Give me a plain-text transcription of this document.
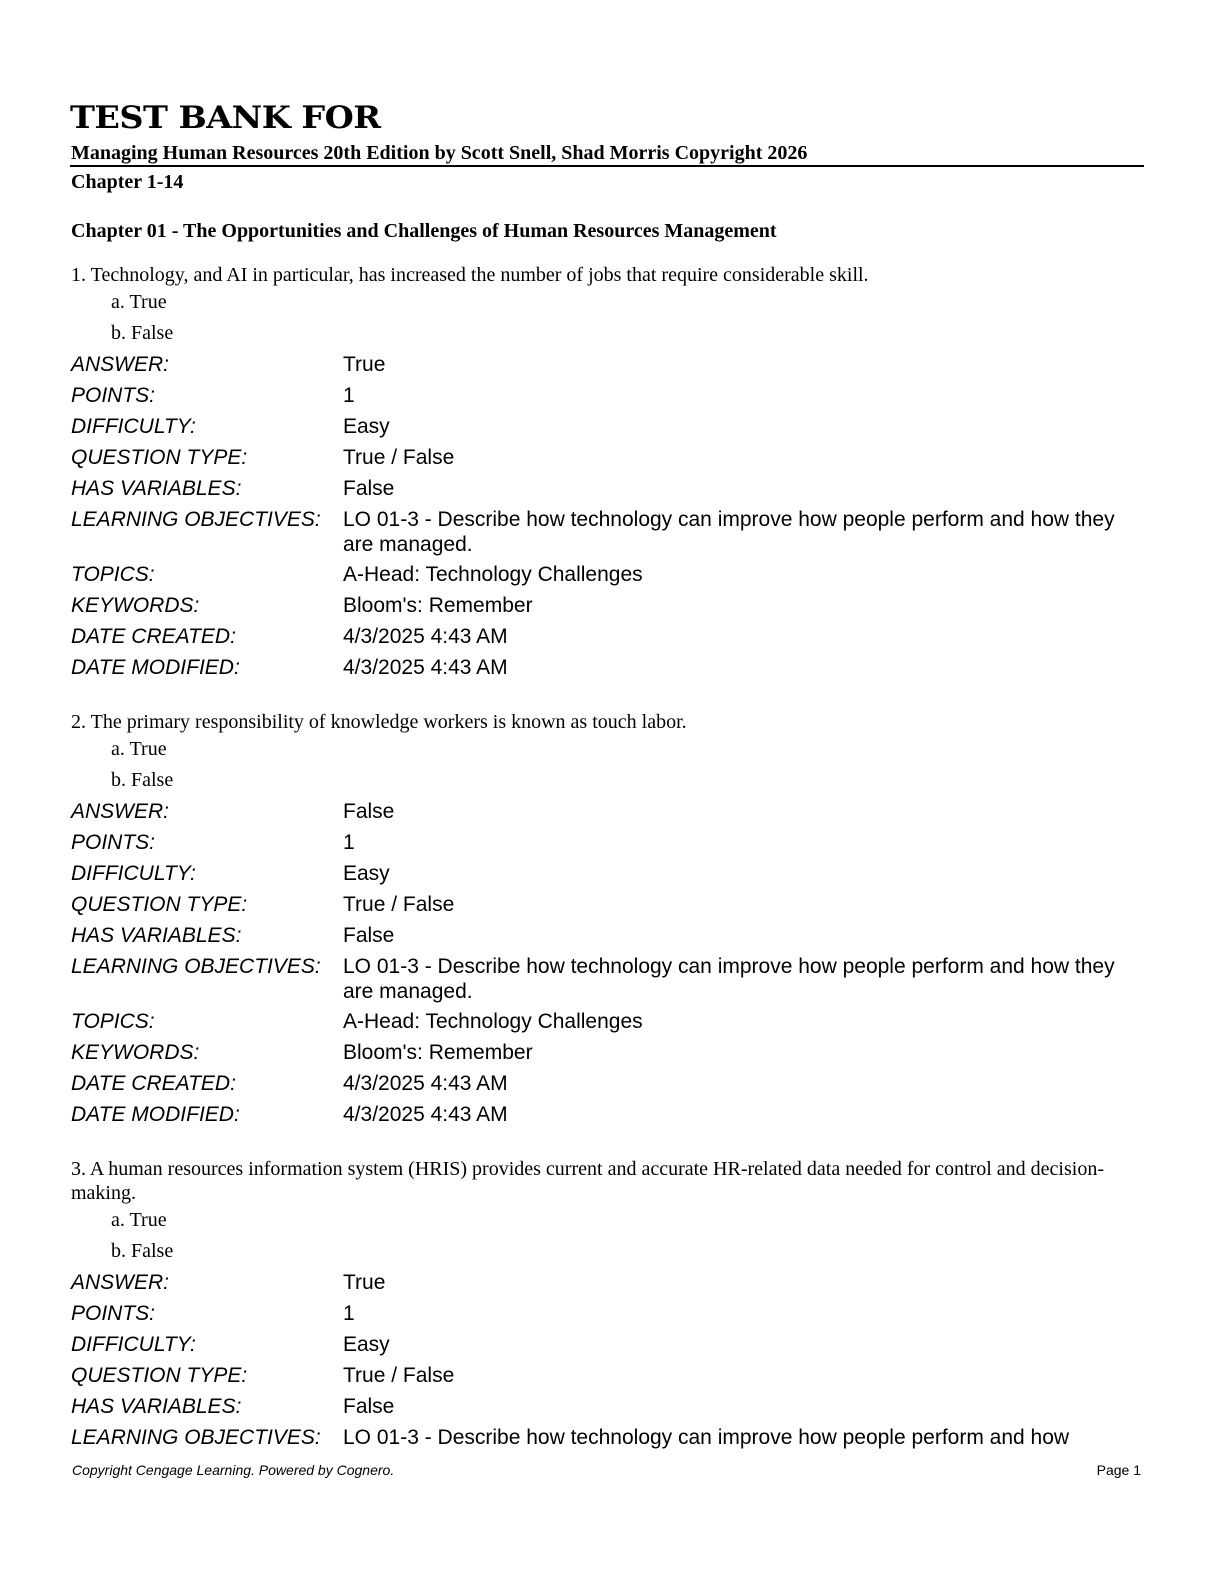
TEST BANK FOR
Managing Human Resources 20th Edition by Scott Snell, Shad Morris Copyright 2026
Chapter 1-14
Chapter 01 - The Opportunities and Challenges of Human Resources Management

1. Technology, and AI in particular, has increased the number of jobs that require considerable skill.

a. True
b. False
ANSWER:	True
POINTS:	1
DIFFICULTY:	Easy
QUESTION TYPE:	True / False
HAS VARIABLES:	False
LEARNING OBJECTIVES:	LO 01-3 - Describe how technology can improve how people perform and how they are managed.
TOPICS:	A-Head: Technology Challenges
KEYWORDS:	Bloom's: Remember
DATE CREATED:	4/3/2025 4:43 AM
DATE MODIFIED:	4/3/2025 4:43 AM

2. The primary responsibility of knowledge workers is known as touch labor.

a. True
b. False
ANSWER:	False
POINTS:	1
DIFFICULTY:	Easy
QUESTION TYPE:	True / False
HAS VARIABLES:	False
LEARNING OBJECTIVES:	LO 01-3 - Describe how technology can improve how people perform and how they are managed.
TOPICS:	A-Head: Technology Challenges
KEYWORDS:	Bloom's: Remember
DATE CREATED:	4/3/2025 4:43 AM
DATE MODIFIED:	4/3/2025 4:43 AM

3. A human resources information system (HRIS) provides current and accurate HR-related data needed for control and decision-making.

a. True
b. False
ANSWER:	True
POINTS:	1
DIFFICULTY:	Easy
QUESTION TYPE:	True / False
HAS VARIABLES:	False
LEARNING OBJECTIVES:	LO 01-3 - Describe how technology can improve how people perform and how
Copyright Cengage Learning. Powered by Cognero.	Page 1
